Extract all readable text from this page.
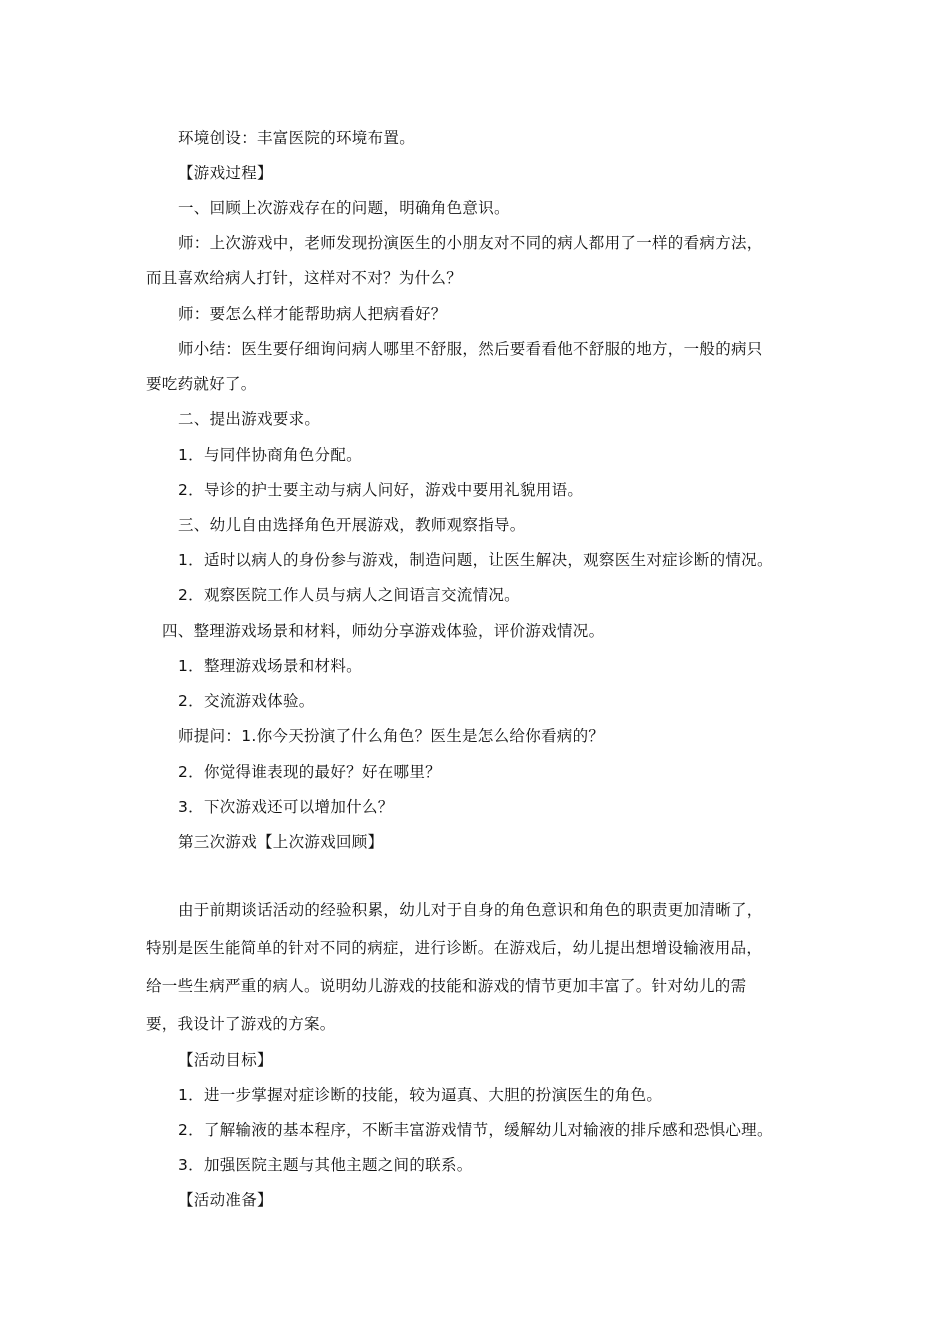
环境创设：丰富医院的环境布置。
【游戏过程】
一、回顾上次游戏存在的问题，明确角色意识。
师：上次游戏中，老师发现扮演医生的小朋友对不同的病人都用了一样的看病方法，
而且喜欢给病人打针，这样对不对？为什么？
师：要怎么样才能帮助病人把病看好？
师小结：医生要仔细询问病人哪里不舒服，然后要看看他不舒服的地方，一般的病只
要吃药就好了。
二、提出游戏要求。
1．与同伴协商角色分配。
2．导诊的护士要主动与病人问好，游戏中要用礼貌用语。
三、幼儿自由选择角色开展游戏，教师观察指导。
1．适时以病人的身份参与游戏，制造问题，让医生解决，观察医生对症诊断的情况。
2．观察医院工作人员与病人之间语言交流情况。
四、整理游戏场景和材料，师幼分享游戏体验，评价游戏情况。
1．整理游戏场景和材料。
2．交流游戏体验。
师提问：1.你今天扮演了什么角色？医生是怎么给你看病的？
2．你觉得谁表现的最好？好在哪里？
3．下次游戏还可以增加什么？
第三次游戏【上次游戏回顾】
由于前期谈话活动的经验积累，幼儿对于自身的角色意识和角色的职责更加清晰了，
特别是医生能简单的针对不同的病症，进行诊断。在游戏后，幼儿提出想增设输液用品，
给一些生病严重的病人。说明幼儿游戏的技能和游戏的情节更加丰富了。针对幼儿的需
要，我设计了游戏的方案。
【活动目标】
1．进一步掌握对症诊断的技能，较为逼真、大胆的扮演医生的角色。
2．了解输液的基本程序，不断丰富游戏情节，缓解幼儿对输液的排斥感和恐惧心理。
3．加强医院主题与其他主题之间的联系。
【活动准备】
